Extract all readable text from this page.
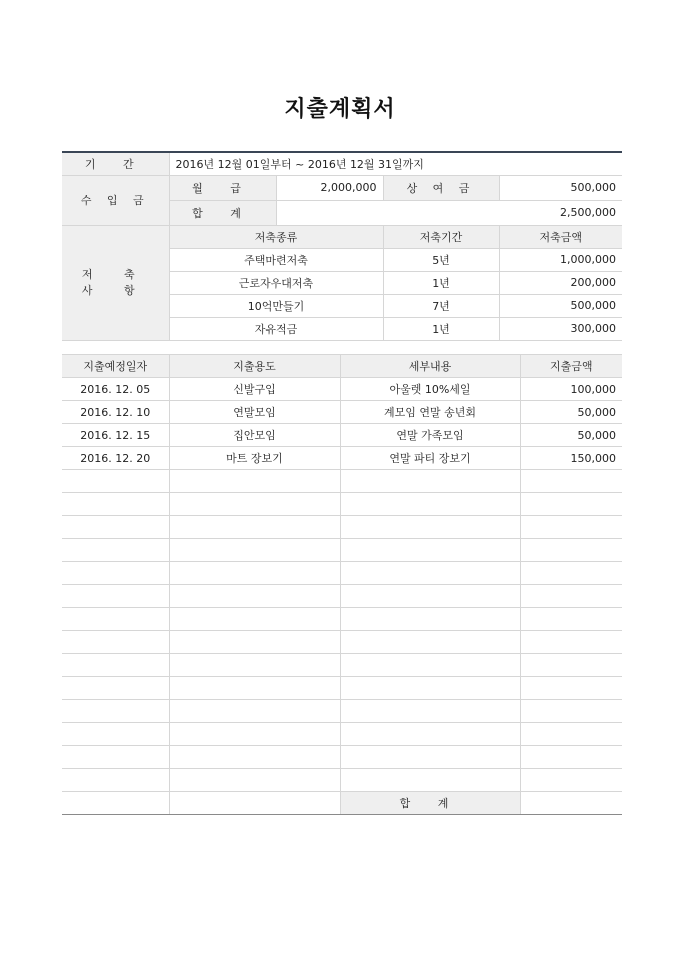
지출계획서
기 간	2016년 12월 01일부터 ~ 2016년 12월 31일까지			
수 입 금	월 급	2,000,000	상 여 금	500,000
	합 계	2,500,000		

저 축
사 항	저축종류		저축기간	저축금액
	주택마련저축		5년	1,000,000
	근로자우대저축		1년	200,000
	10억만들기		7년	500,000
	자유적금		1년	300,000
지출예정일자	지출용도	세부내용	지출금액
2016. 12. 05	신발구입	아울렛 10%세일	100,000
2016. 12. 10	연말모임	계모임 연말 송년회	50,000
2016. 12. 15	집안모임	연말 가족모임	50,000
2016. 12. 20	마트 장보기	연말 파티 장보기	150,000

		합 계	
